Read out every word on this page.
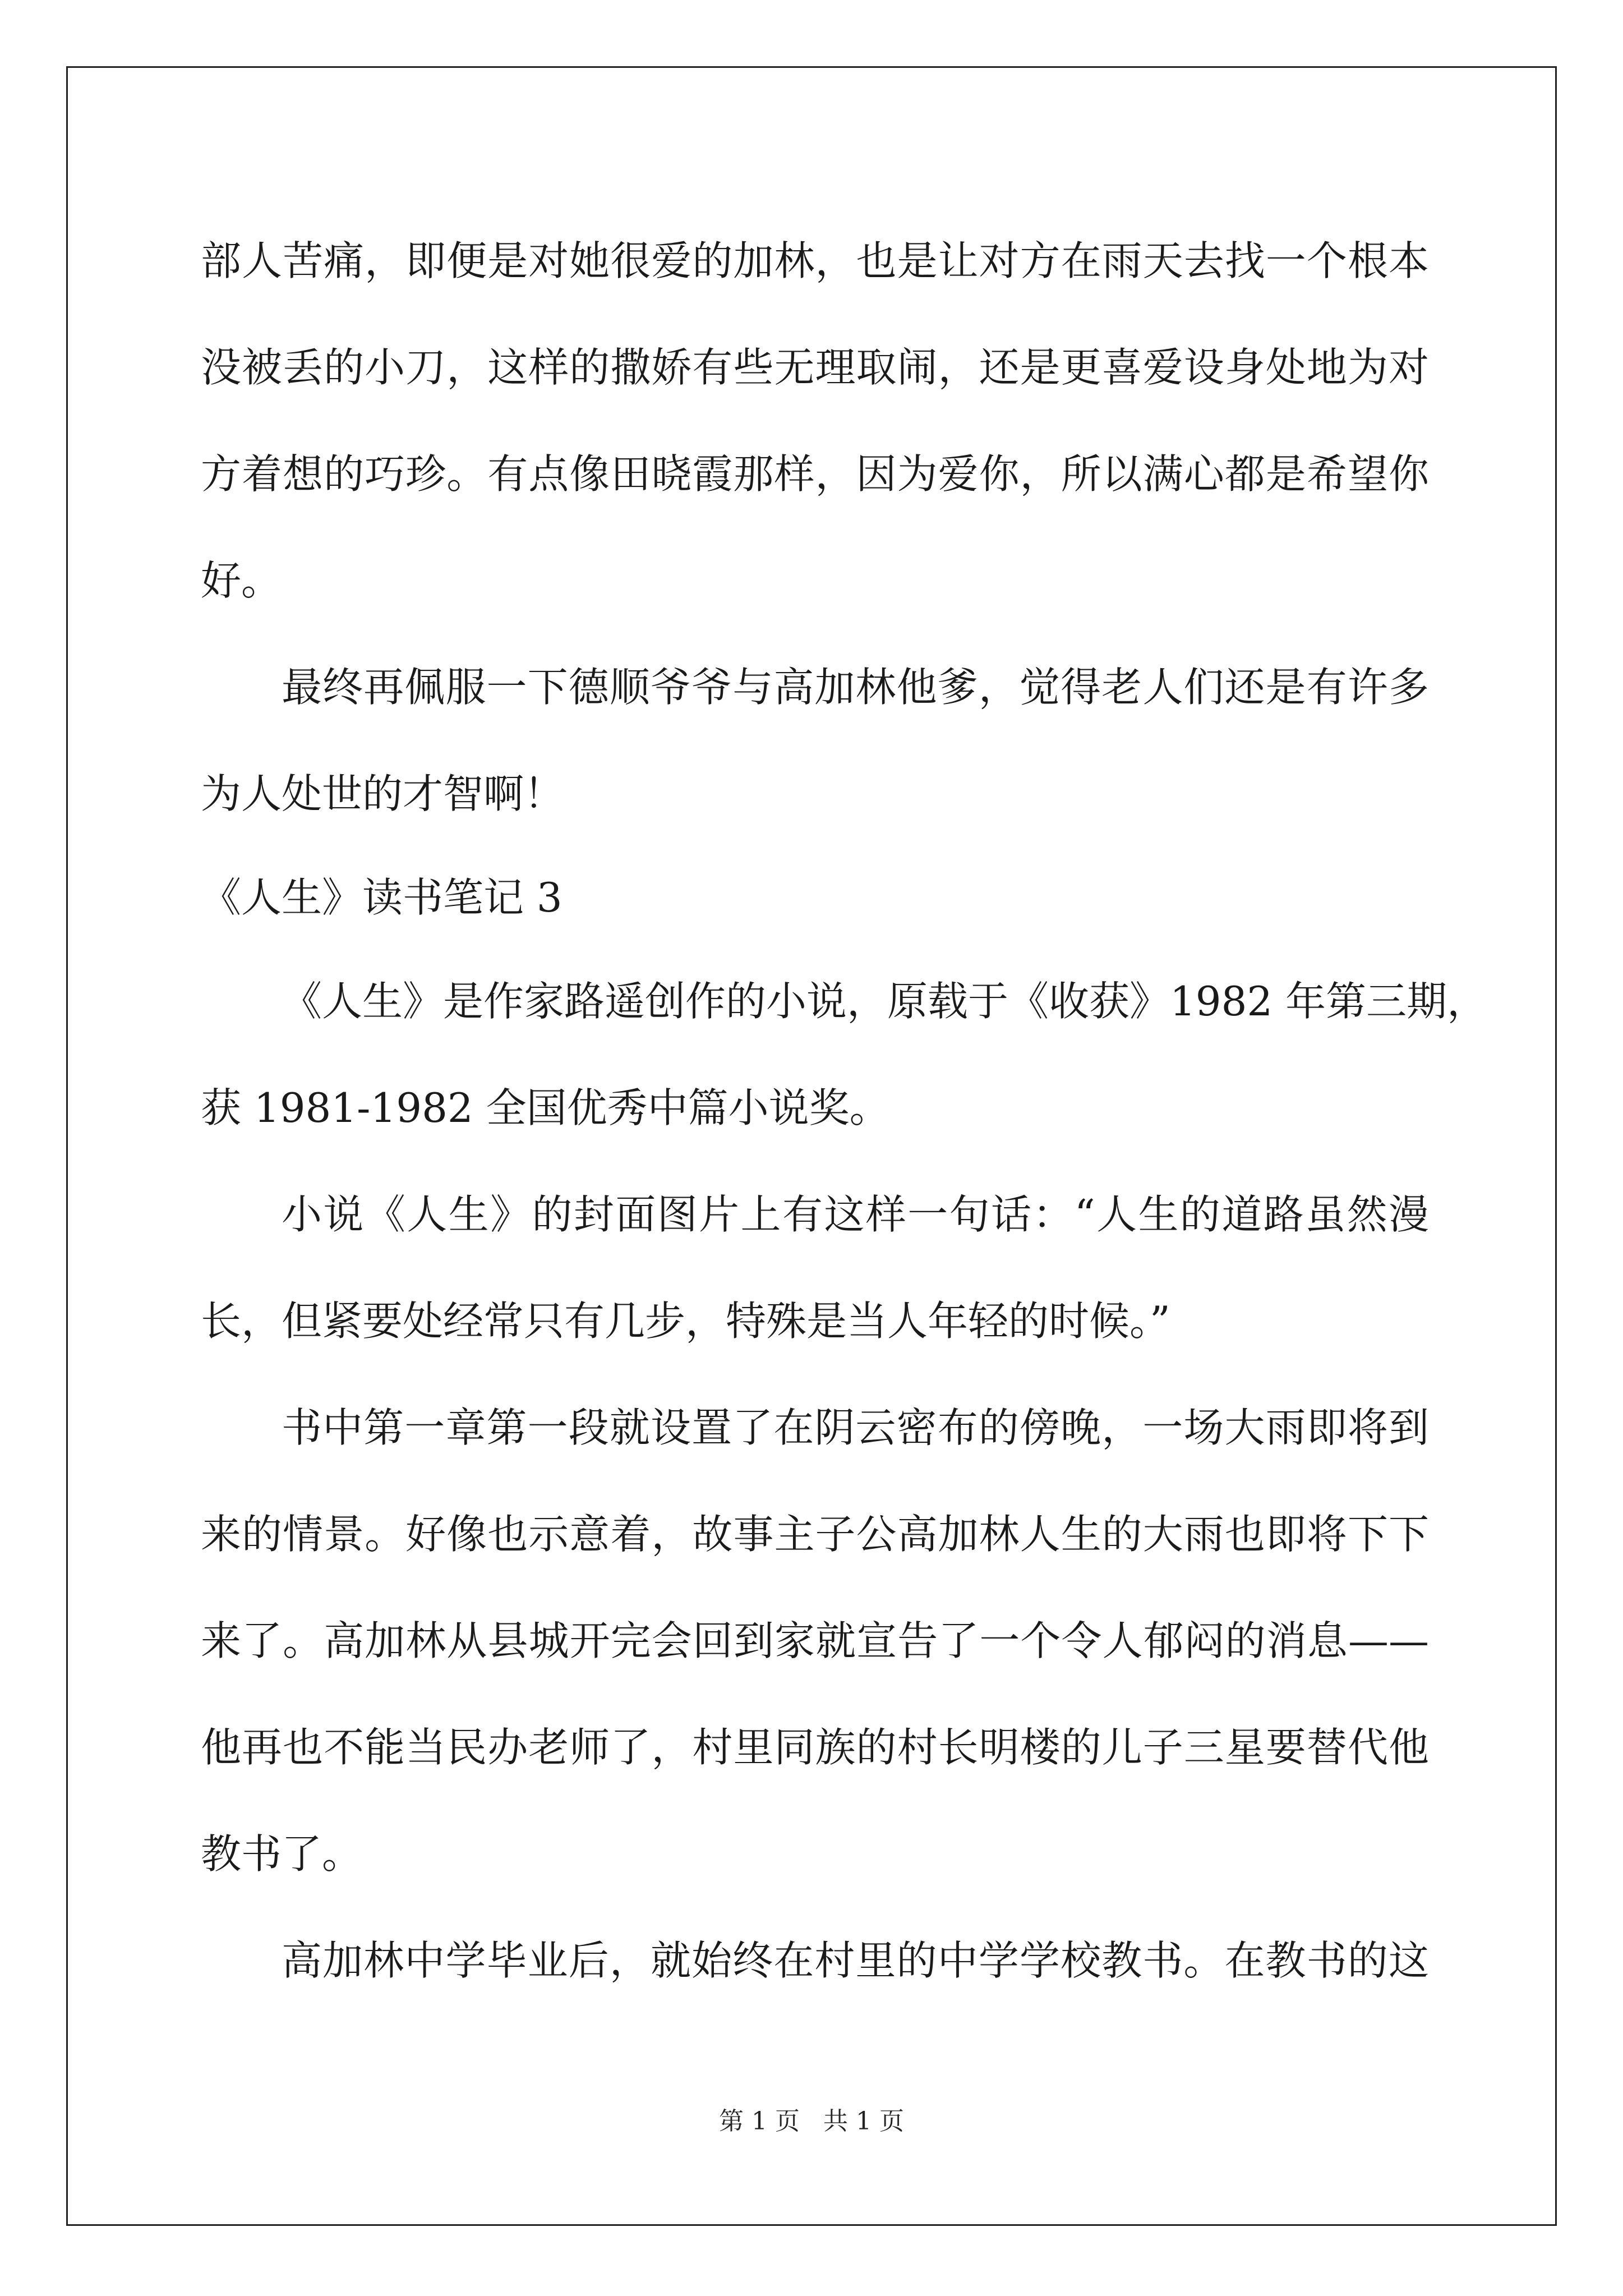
部人苦痛，即便是对她很爱的加林，也是让对方在雨天去找一个根本
没被丢的小刀，这样的撒娇有些无理取闹，还是更喜爱设身处地为对
方着想的巧珍。有点像田晓霞那样，因为爱你，所以满心都是希望你
好。
最终再佩服一下德顺爷爷与高加林他爹，觉得老人们还是有许多
为人处世的才智啊！
《人生》读书笔记 3
《人生》是作家路遥创作的小说，原载于《收获》1982 年第三期，
获 1981-1982 全国优秀中篇小说奖。
小说《人生》的封面图片上有这样一句话：“人生的道路虽然漫
长，但紧要处经常只有几步，特殊是当人年轻的时候。”
书中第一章第一段就设置了在阴云密布的傍晚，一场大雨即将到
来的情景。好像也示意着，故事主子公高加林人生的大雨也即将下下
来了。高加林从县城开完会回到家就宣告了一个令人郁闷的消息——
他再也不能当民办老师了，村里同族的村长明楼的儿子三星要替代他
教书了。
高加林中学毕业后，就始终在村里的中学学校教书。在教书的这
第 1 页   共 1 页
